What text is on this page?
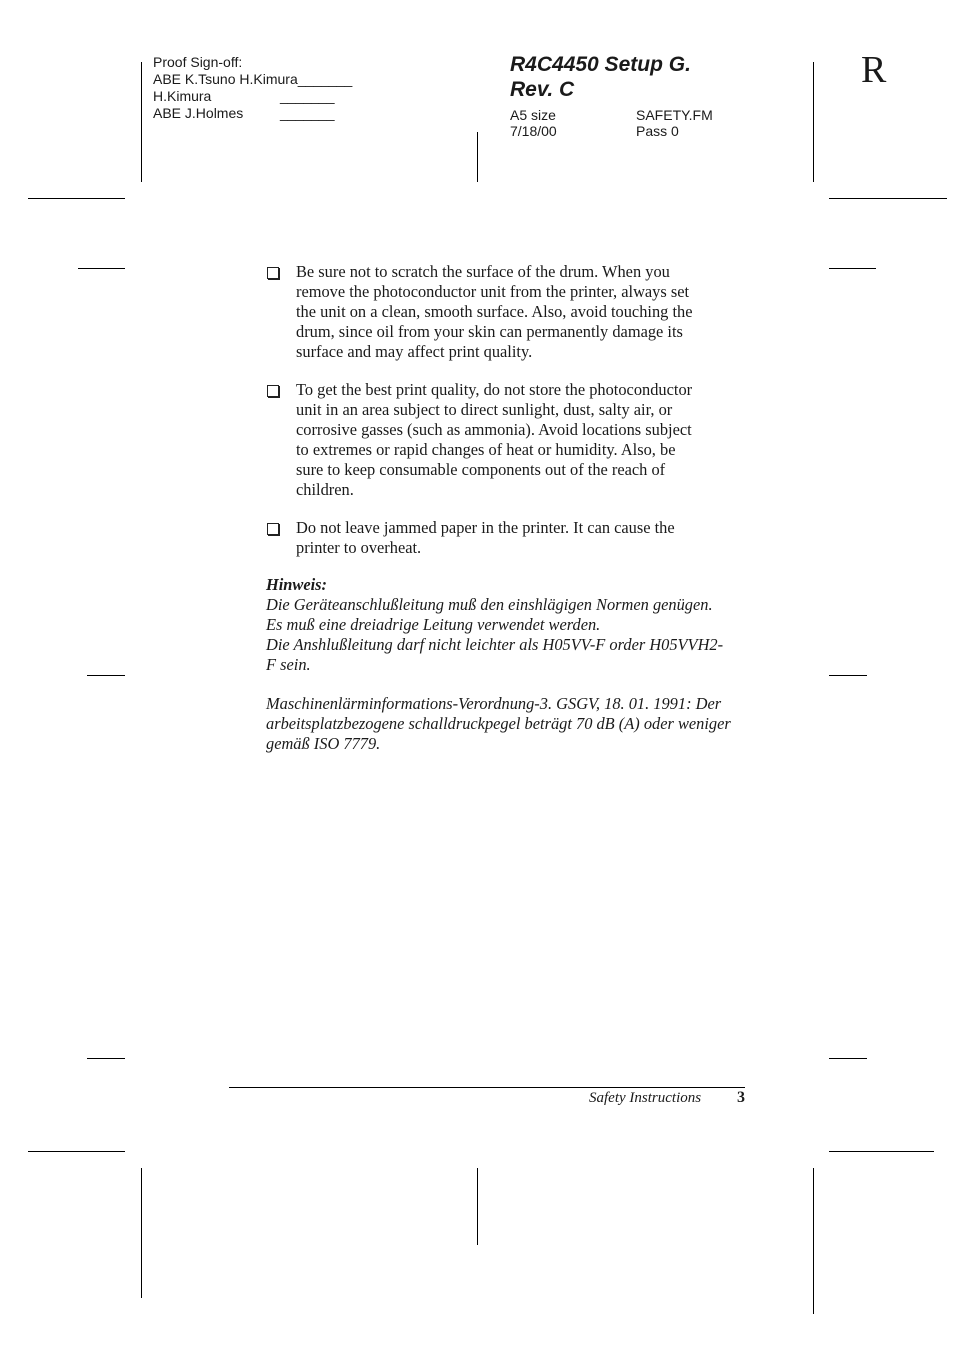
Proof Sign-off:
ABE K.Tsuno H.Kimura_______
H.Kimura	_______
ABE J.Holmes	_______
R4C4450 Setup G.
Rev. C
A5 size	SAFETY.FM
7/18/00	Pass 0
R
Be sure not to scratch the surface of the drum. When you
remove the photoconductor unit from the printer, always set
the unit on a clean, smooth surface. Also, avoid touching the
drum, since oil from your skin can permanently damage its
surface and may affect print quality.
To get the best print quality, do not store the photoconductor
unit in an area subject to direct sunlight, dust, salty air, or
corrosive gasses (such as ammonia). Avoid locations subject
to extremes or rapid changes of heat or humidity. Also, be
sure to keep consumable components out of the reach of
children.
Do not leave jammed paper in the printer. It can cause the
printer to overheat.
Hinweis:
Die Geräteanschlußleitung muß den einshlägigen Normen genügen.
Es muß eine dreiadrige Leitung verwendet werden.
Die Anshlußleitung darf nicht leichter als H05VV-F order H05VVH2-
F sein.
Maschinenlärminformations-Verordnung-3. GSGV, 18. 01. 1991: Der
arbeitsplatzbezogene schalldruckpegel beträgt 70 dB (A) oder weniger
gemäß ISO 7779.
Safety Instructions 3
